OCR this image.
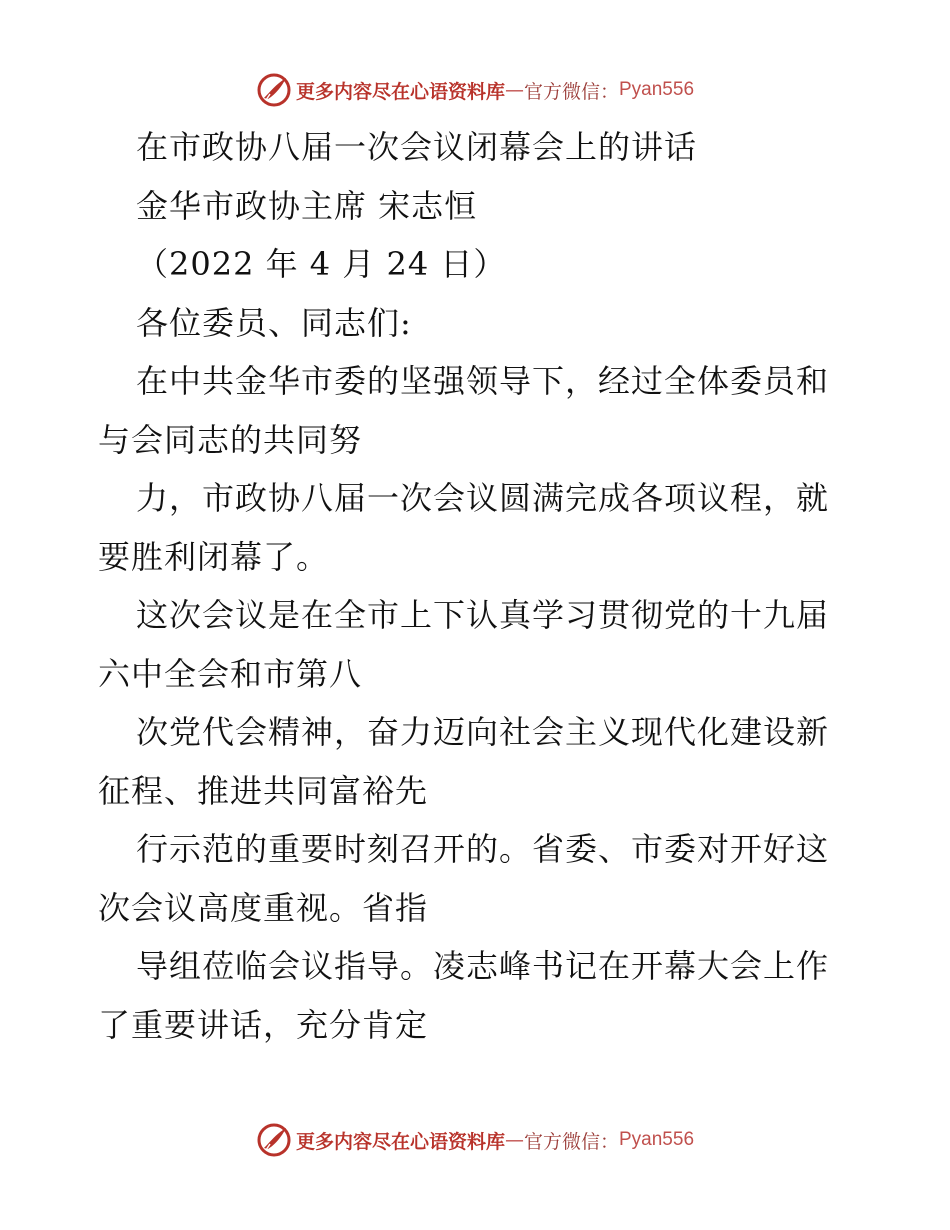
更多内容尽在心语资料库 — 官方微信： Pyan556
在市政协八届一次会议闭幕会上的讲话
金华市政协主席 宋志恒
（2022 年 4 月 24 日）
各位委员、同志们:
在中共金华市委的坚强领导下，经过全体委员和
与会同志的共同努
力，市政协八届一次会议圆满完成各项议程，就
要胜利闭幕了。
这次会议是在全市上下认真学习贯彻党的十九届
六中全会和市第八
次党代会精神，奋力迈向社会主义现代化建设新
征程、推进共同富裕先
行示范的重要时刻召开的。省委、市委对开好这
次会议高度重视。省指
导组莅临会议指导。凌志峰书记在开幕大会上作
了重要讲话，充分肯定
更多内容尽在心语资料库 — 官方微信： Pyan556
